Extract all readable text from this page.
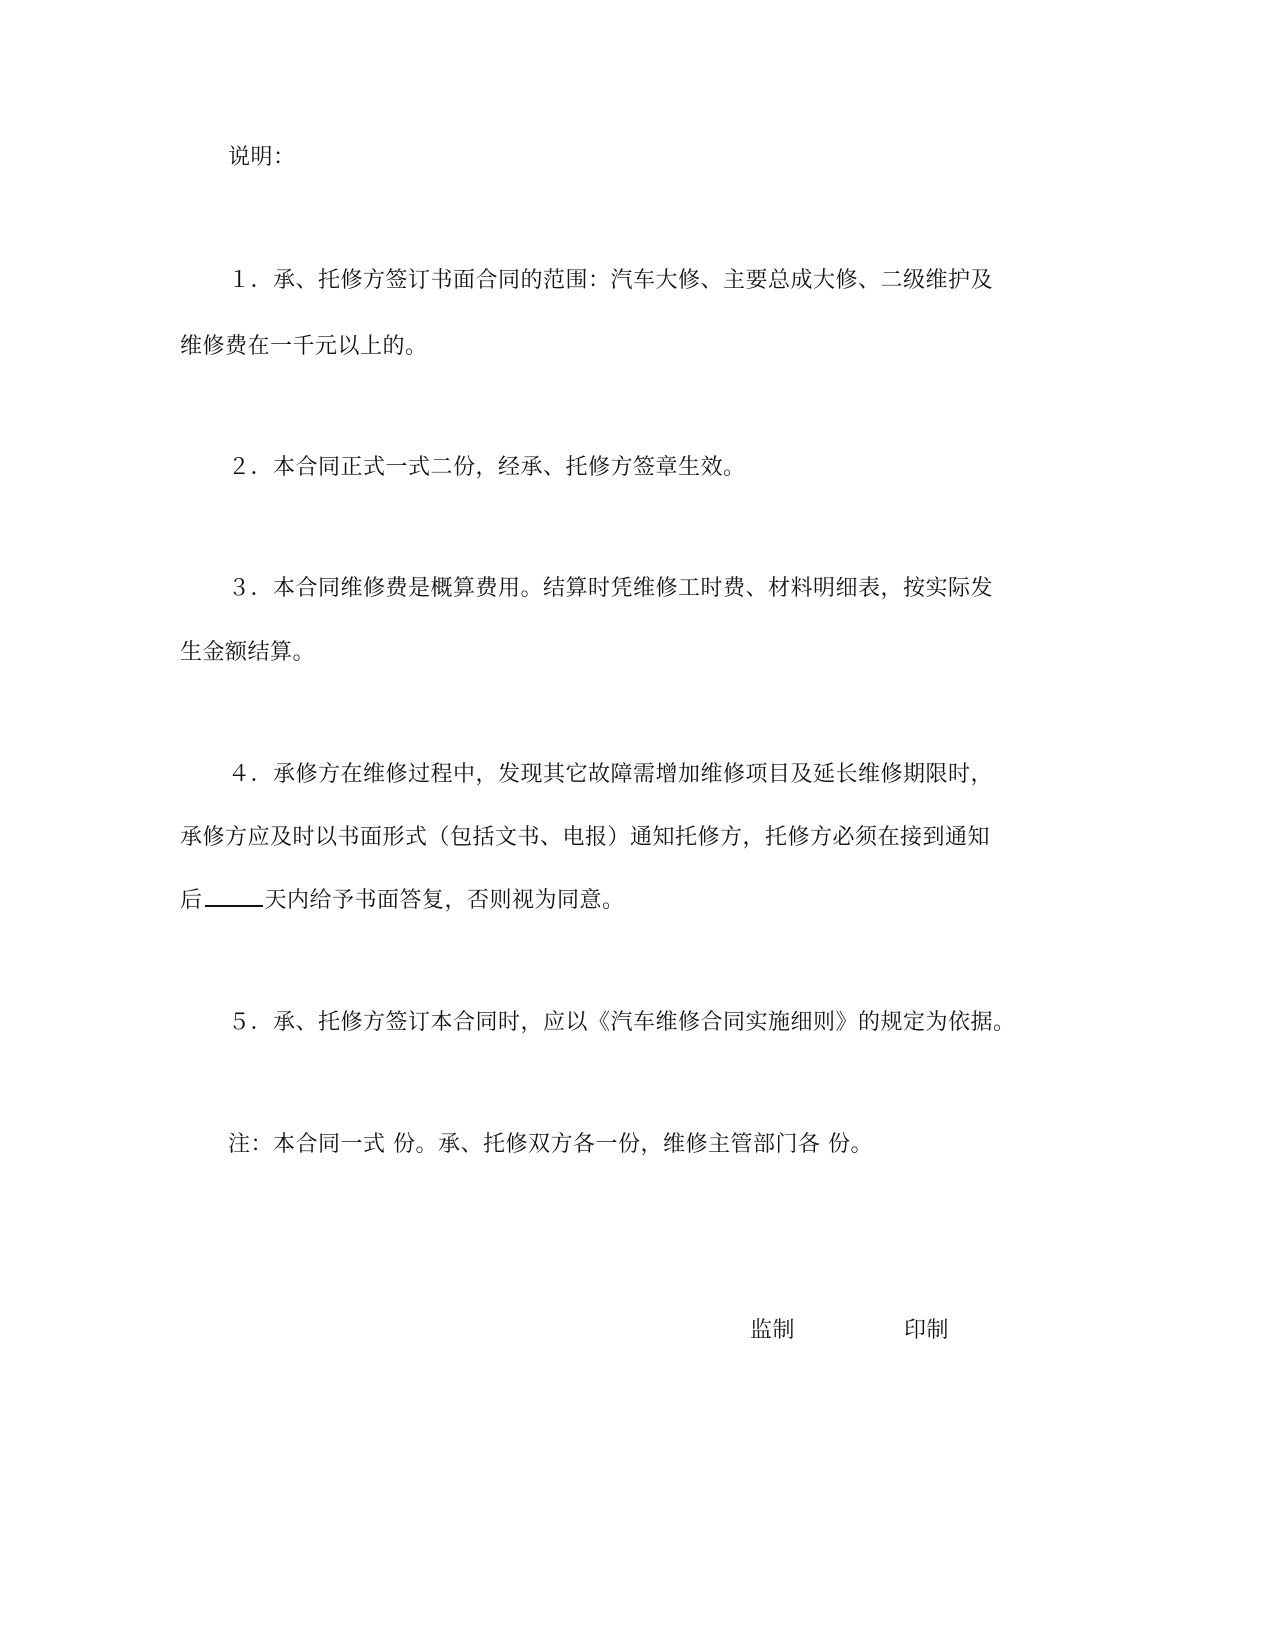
说明：
１．承、托修方签订书面合同的范围：汽车大修、主要总成大修、二级维护及
维修费在一千元以上的。
２．本合同正式一式二份，经承、托修方签章生效。
３．本合同维修费是概算费用。结算时凭维修工时费、材料明细表，按实际发
生金额结算。
４．承修方在维修过程中，发现其它故障需增加维修项目及延长维修期限时，
承修方应及时以书面形式（包括文书、电报）通知托修方，托修方必须在接到通知
后	天内给予书面答复，否则视为同意。
５．承、托修方签订本合同时，应以《汽车维修合同实施细则》的规定为依据。
注：本合同一式 份。承、托修双方各一份，维修主管部门各 份。
监制	印制
